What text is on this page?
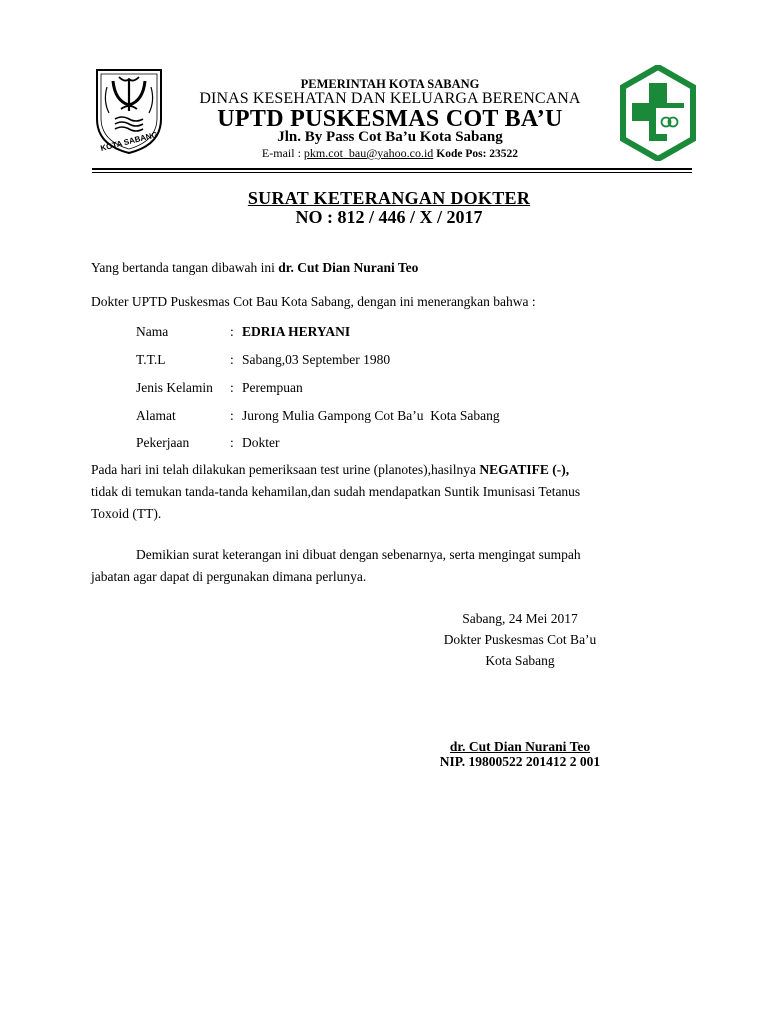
KOTA SABANG
PEMERINTAH KOTA SABANG
DINAS KESEHATAN DAN KELUARGA BERENCANA
UPTD PUSKESMAS COT BA’U
Jln. By Pass Cot Ba’u Kota Sabang
E-mail : pkm.cot_bau@yahoo.co.id Kode Pos: 23522
SURAT KETERANGAN DOKTER
NO : 812 / 446 / X / 2017
Yang bertanda tangan dibawah ini dr. Cut Dian Nurani Teo
Dokter UPTD Puskesmas Cot Bau Kota Sabang, dengan ini menerangkan bahwa :
Nama	: EDRIA HERYANI
T.T.L	: Sabang,03 September 1980
Jenis Kelamin : Perempuan
Alamat	: Jurong Mulia Gampong Cot Ba’u  Kota Sabang
Pekerjaan	: Dokter
Pada hari ini telah dilakukan pemeriksaan test urine (planotes),hasilnya NEGATIFE (-),
tidak di temukan tanda-tanda kehamilan,dan sudah mendapatkan Suntik Imunisasi Tetanus
Toxoid (TT).
Demikian surat keterangan ini dibuat dengan sebenarnya, serta mengingat sumpah
jabatan agar dapat di pergunakan dimana perlunya.
Sabang, 24 Mei 2017
Dokter Puskesmas Cot Ba’u
Kota Sabang
dr. Cut Dian Nurani Teo
NIP. 19800522 201412 2 001
